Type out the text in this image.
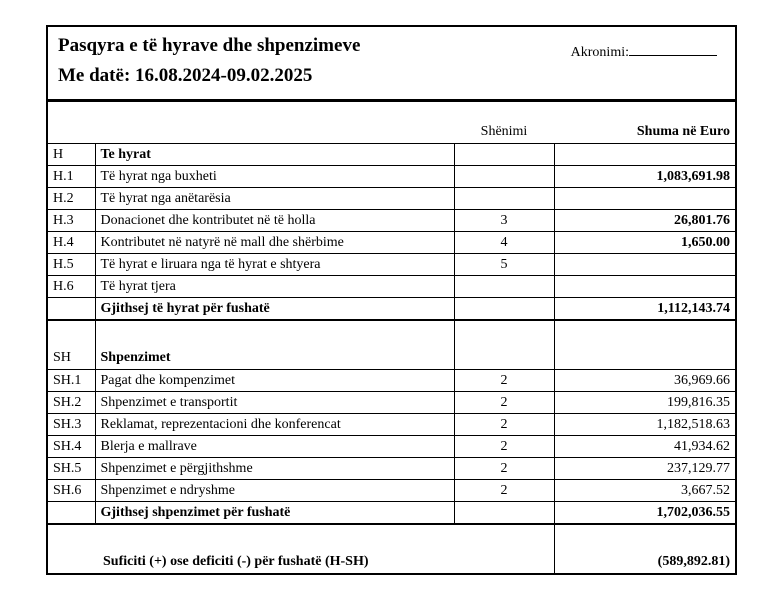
Pasqyra e të hyrave dhe shpenzimeve
Me datë: 16.08.2024-09.02.2025
Akronimi:
Shënimi	Shuma në Euro
H	Te hyrat		
H.1	Të hyrat nga buxheti		1,083,691.98
H.2	Të hyrat nga anëtarësia		
H.3	Donacionet dhe kontributet në të holla	3	26,801.76
H.4	Kontributet në natyrë në mall dhe shërbime	4	1,650.00
H.5	Të hyrat e liruara nga të hyrat e shtyera	5	
H.6	Të hyrat tjera		
	Gjithsej të hyrat për fushatë		1,112,143.74
SH	Shpenzimet		
SH.1	Pagat dhe kompenzimet	2	36,969.66
SH.2	Shpenzimet e transportit	2	199,816.35
SH.3	Reklamat, reprezentacioni dhe konferencat	2	1,182,518.63
SH.4	Blerja e mallrave	2	41,934.62
SH.5	Shpenzimet e përgjithshme	2	237,129.77
SH.6	Shpenzimet e ndryshme	2	3,667.52
	Gjithsej shpenzimet për fushatë		1,702,036.55
Suficiti (+) ose deficiti (-) për fushatë (H-SH)			(589,892.81)
